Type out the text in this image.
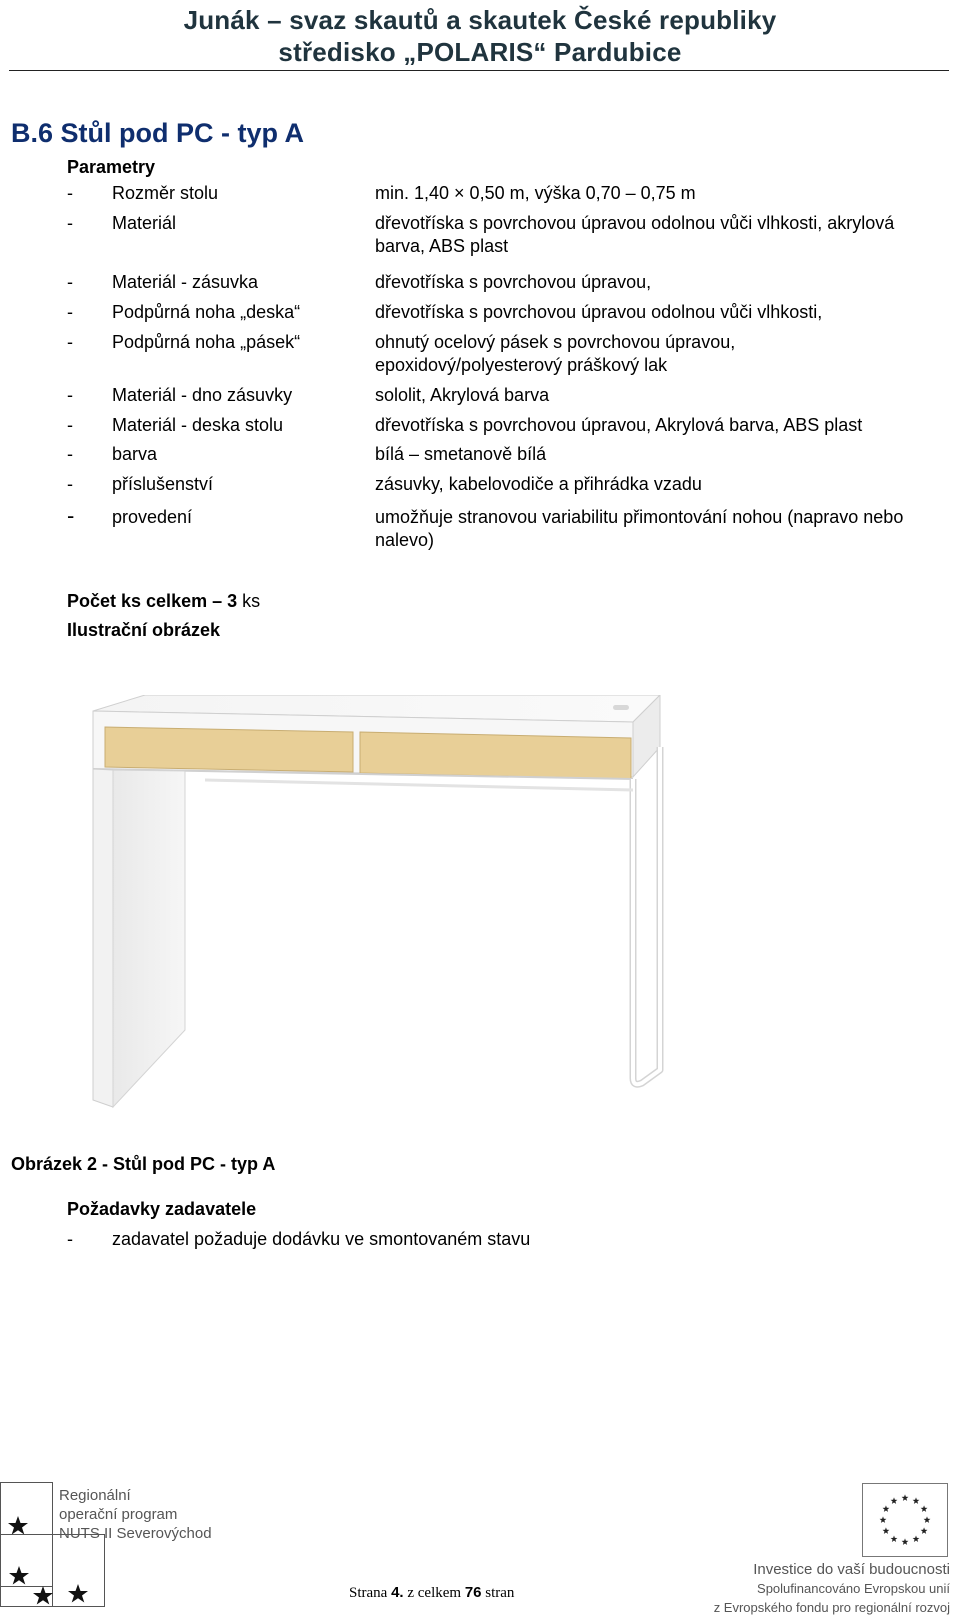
Junák – svaz skautů a skautek České republiky
středisko „POLARIS“ Pardubice
B.6 Stůl pod PC - typ A
Parametry
-	Rozměr stolu	min. 1,40 × 0,50 m, výška 0,70 – 0,75 m
-	Materiál	dřevotříska s povrchovou úpravou odolnou vůči vlhkosti, akrylová barva, ABS plast
-	Materiál - zásuvka	dřevotříska s povrchovou úpravou,
-	Podpůrná noha „deska“	dřevotříska s povrchovou úpravou odolnou vůči vlhkosti,
-	Podpůrná noha „pásek“	ohnutý ocelový pásek s povrchovou úpravou, epoxidový/polyesterový práškový lak
-	Materiál - dno zásuvky	sololit, Akrylová barva
-	Materiál - deska stolu	dřevotříska s povrchovou úpravou, Akrylová barva, ABS plast
-	barva	bílá – smetanově bílá
-	příslušenství	zásuvky, kabelovodiče a přihrádka vzadu
-	provedení	umožňuje stranovou variabilitu přimontování nohou (napravo nebo nalevo)
Počet ks celkem – 3 ks
Ilustrační obrázek
Obrázek 2 - Stůl pod PC - typ A
Požadavky zadavatele
- zadavatel požaduje dodávku ve smontovaném stavu
Regionální
operační program
NUTS II Severovýchod
Strana 4. z celkem 76 stran
Investice do vaší budoucnosti
Spolufinancováno Evropskou unií
z Evropského fondu pro regionální rozvoj
